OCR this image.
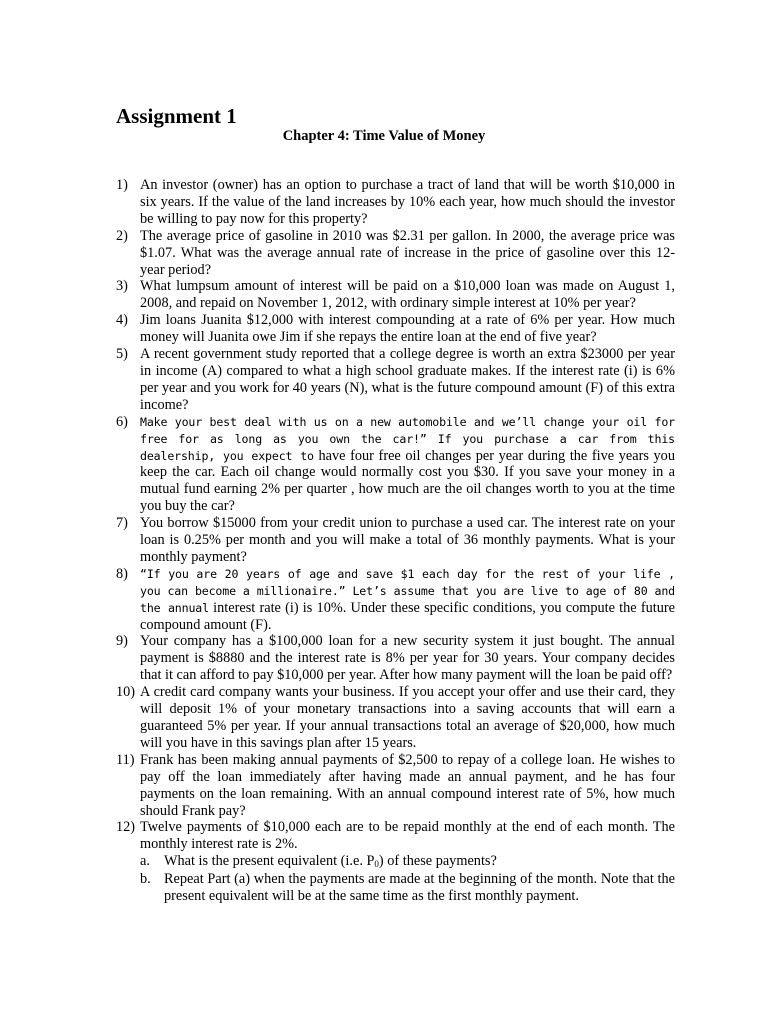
Assignment 1
Chapter 4: Time Value of Money
1) An investor (owner) has an option to purchase a tract of land that will be worth $10,000 in six years. If the value of the land increases by 10% each year, how much should the investor be willing to pay now for this property?
2) The average price of gasoline in 2010 was $2.31 per gallon. In 2000, the average price was $1.07. What was the average annual rate of increase in the price of gasoline over this 12- year period?
3) What lumpsum amount of interest will be paid on a $10,000 loan was made on August 1, 2008, and repaid on November 1, 2012, with ordinary simple interest at 10% per year?
4) Jim loans Juanita $12,000 with interest compounding at a rate of 6% per year. How much money will Juanita owe Jim if she repays the entire loan at the end of five year?
5) A recent government study reported that a college degree is worth an extra $23000 per year in income (A) compared to what a high school graduate makes. If the interest rate (i) is 6% per year and you work for 40 years (N), what is the future compound amount (F) of this extra income?
6) Make your best deal with us on a new automobile and we’ll change your oil for free for as long as you own the car!” If you purchase a car from this dealership, you expect to have four free oil changes per year during the five years you keep the car. Each oil change would normally cost you $30. If you save your money in a mutual fund earning 2% per quarter , how much are the oil changes worth to you at the time you buy the car?
7) You borrow $15000 from your credit union to purchase a used car. The interest rate on your loan is 0.25% per month and you will make a total of 36 monthly payments. What is your monthly payment?
8) “If you are 20 years of age and save $1 each day for the rest of your life , you can become a millionaire.” Let’s assume that you are live to age of 80 and the annual interest rate (i) is 10%. Under these specific conditions, you compute the future compound amount (F).
9) Your company has a $100,000 loan for a new security system it just bought. The annual payment is $8880 and the interest rate is 8% per year for 30 years. Your company decides that it can afford to pay $10,000 per year. After how many payment will the loan be paid off?
10) A credit card company wants your business. If you accept your offer and use their card, they will deposit 1% of your monetary transactions into a saving accounts that will earn a guaranteed 5% per year. If your annual transactions total an average of $20,000, how much will you have in this savings plan after 15 years.
11) Frank has been making annual payments of $2,500 to repay of a college loan. He wishes to pay off the loan immediately after having made an annual payment, and he has four payments on the loan remaining. With an annual compound interest rate of 5%, how much should Frank pay?
12) Twelve payments of $10,000 each are to be repaid monthly at the end of each month. The monthly interest rate is 2%.
a. What is the present equivalent (i.e. $P_0$) of these payments?
b. Repeat Part (a) when the payments are made at the beginning of the month. Note that the present equivalent will be at the same time as the first monthly payment.
